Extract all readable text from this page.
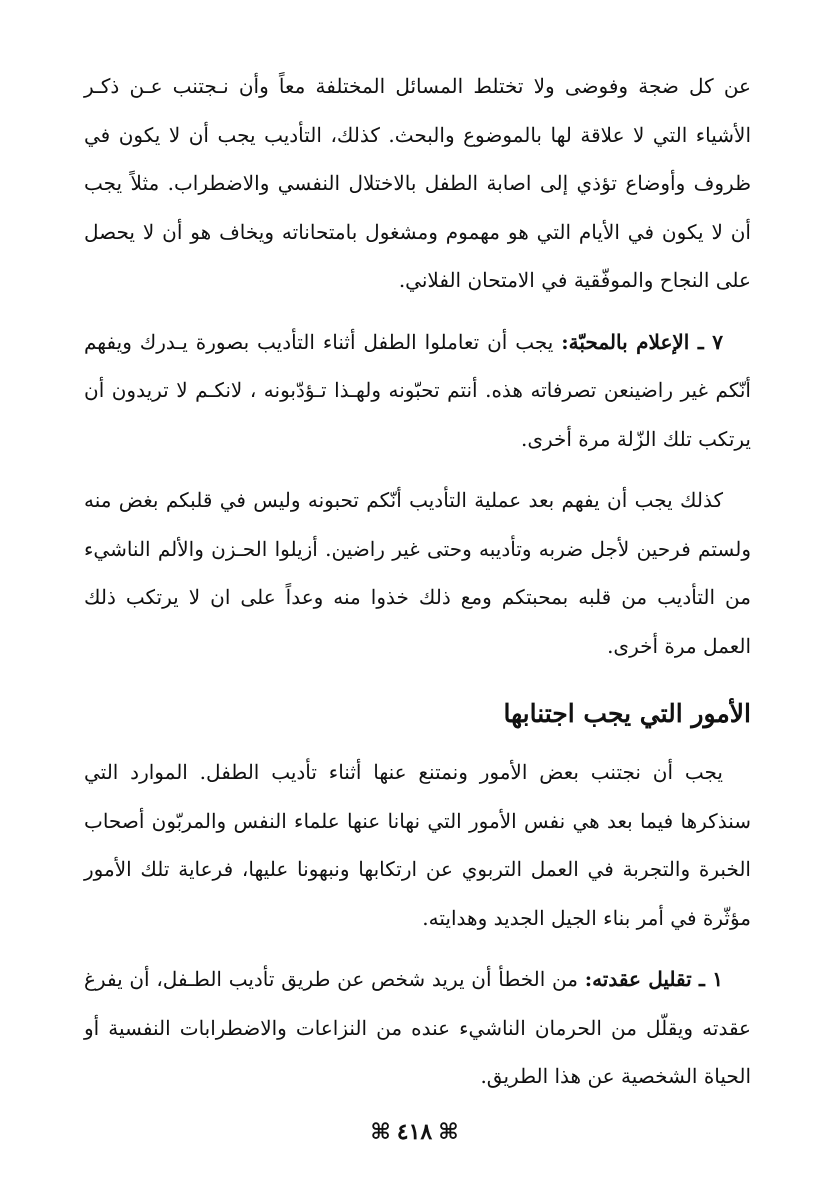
عن كل ضجة وفوضى ولا تختلط المسائل المختلفة معاً وأن نـجتنب عـن ذكـر الأشياء التي لا علاقة لها بالموضوع والبحث. كذلك، التأديب يجب أن لا يكون في ظروف وأوضاع تؤذي إلى اصابة الطفل بالاختلال النفسي والاضطراب. مثلاً يجب أن لا يكون في الأيام التي هو مهموم ومشغول بامتحاناته ويخاف هو أن لا يحصل على النجاح والموفّقية في الامتحان الفلاني.

٧ ـ الإعلام بالمحبّة: يجب أن تعاملوا الطفل أثناء التأديب بصورة يـدرك ويفهم أنّكم غير راضينعن تصرفاته هذه. أنتم تحبّونه ولهـذا تـؤدّبونه ، لانكـم لا تريدون أن يرتكب تلك الزّلة مرة أخرى.

كذلك يجب أن يفهم بعد عملية التأديب أنّكم تحبونه وليس في قلبكم بغض منه ولستم فرحين لأجل ضربه وتأديبه وحتى غير راضين. أزيلوا الحـزن والألم الناشيء من التأديب من قلبه بمحبتكم ومع ذلك خذوا منه وعداً على ان لا يرتكب ذلك العمل مرة أخرى.

الأمور التي يجب اجتنابها

يجب أن نجتنب بعض الأمور ونمتنع عنها أثناء تأديب الطفل. الموارد التي سنذكرها فيما بعد هي نفس الأمور التي نهانا عنها علماء النفس والمربّون أصحاب الخبرة والتجربة في العمل التربوي عن ارتكابها ونبهونا عليها، فرعاية تلك الأمور مؤثّرة في أمر بناء الجيل الجديد وهدايته.

١ ـ تقليل عقدته: من الخطأ أن يريد شخص عن طريق تأديب الطـفل، أن يفرغ عقدته ويقلّل من الحرمان الناشيء عنده من النزاعات والاضطرابات النفسية أو الحياة الشخصية عن هذا الطريق.

⌘٤١٨⌘
